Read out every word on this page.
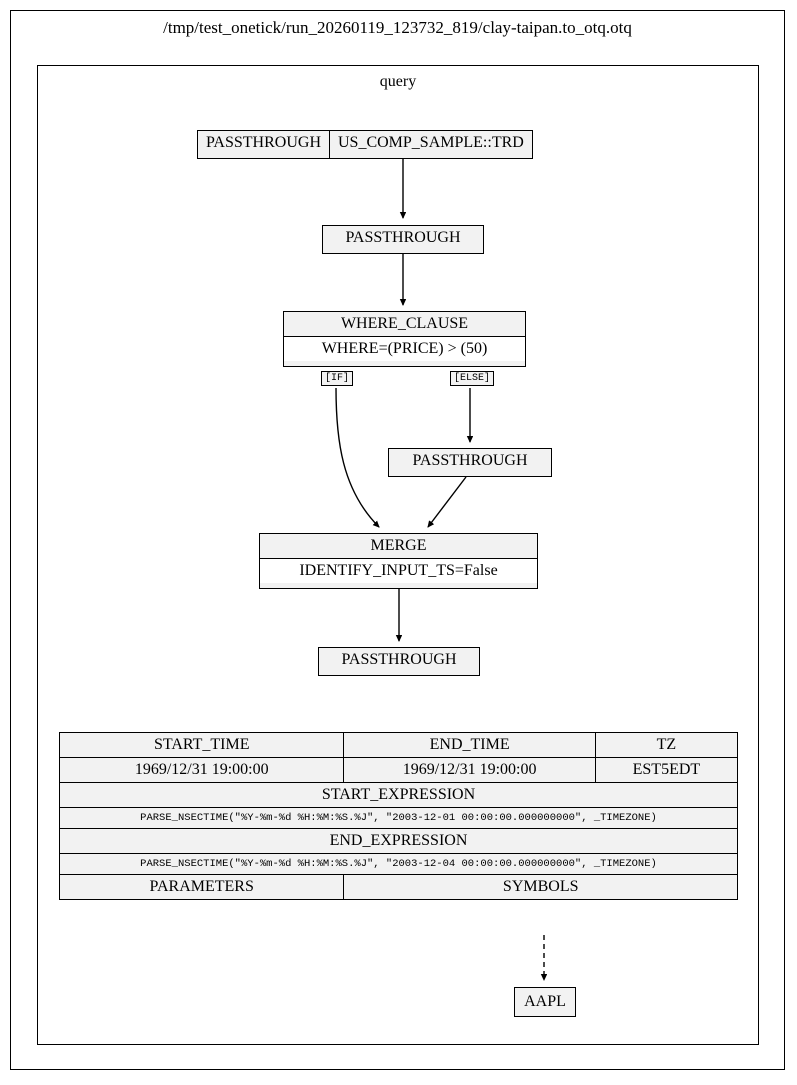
/tmp/test_onetick/run_20260119_123732_819/clay-taipan.to_otq.otq
query
PASSTHROUGH	US_COMP_SAMPLE::TRD
PASSTHROUGH
WHERE_CLAUSE
WHERE=(PRICE) > (50)
[IF]	[ELSE]
PASSTHROUGH
MERGE
IDENTIFY_INPUT_TS=False
PASSTHROUGH
START_TIME	END_TIME	TZ
1969/12/31 19:00:00	1969/12/31 19:00:00	EST5EDT
START_EXPRESSION		
PARSE_NSECTIME("%Y-%m-%d %H:%M:%S.%J", "2003-12-01 00:00:00.000000000", _TIMEZONE)		
END_EXPRESSION		
PARSE_NSECTIME("%Y-%m-%d %H:%M:%S.%J", "2003-12-04 00:00:00.000000000", _TIMEZONE)		
PARAMETERS	SYMBOLS	
AAPL
